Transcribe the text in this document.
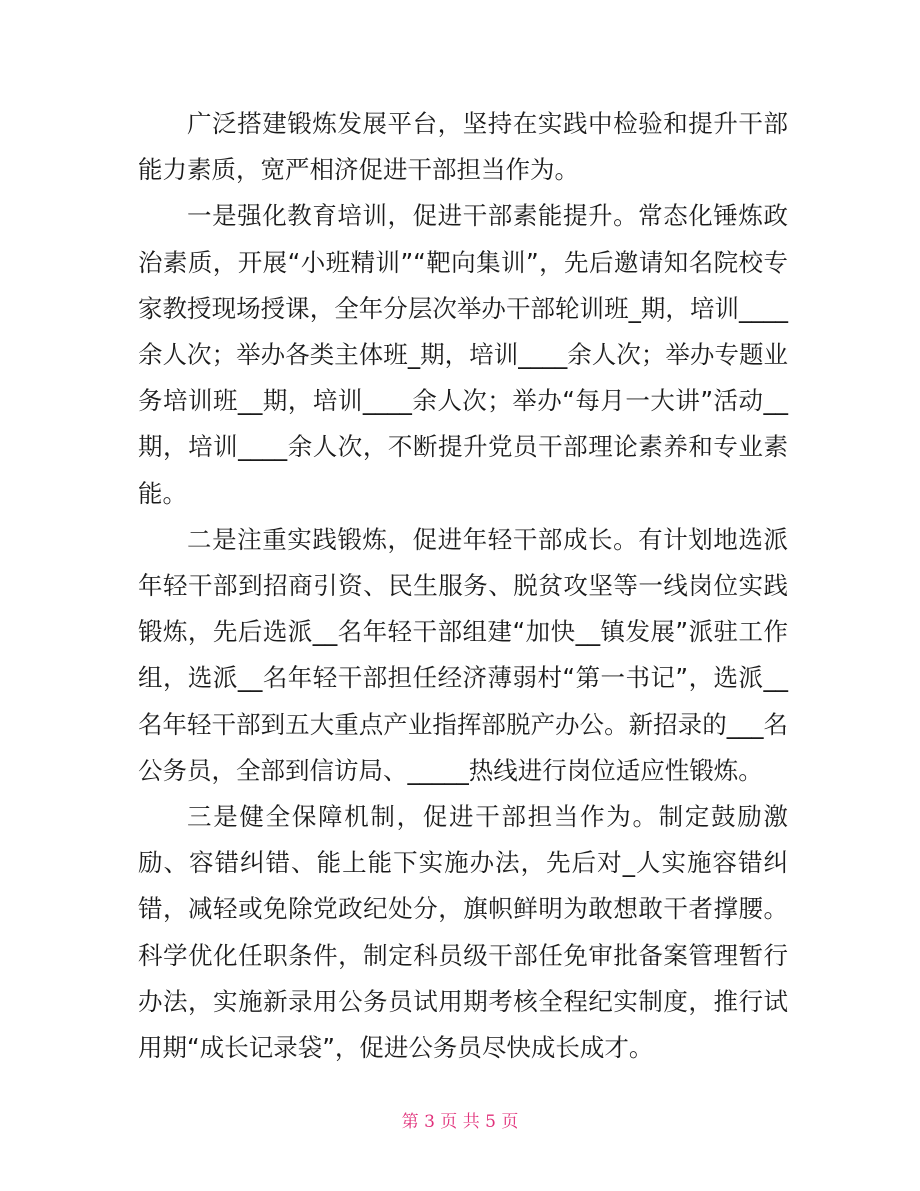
广泛搭建锻炼发展平台，坚持在实践中检验和提升干部能力素质，宽严相济促进干部担当作为。

一是强化教育培训，促进干部素能提升。常态化锤炼政治素质，开展“小班精训”“靶向集训”，先后邀请知名院校专家教授现场授课，全年分层次举办干部轮训班_期，培训____余人次；举办各类主体班_期，培训____余人次；举办专题业务培训班__期，培训____余人次；举办“每月一大讲”活动__期，培训____余人次，不断提升党员干部理论素养和专业素能。

二是注重实践锻炼，促进年轻干部成长。有计划地选派年轻干部到招商引资、民生服务、脱贫攻坚等一线岗位实践锻炼，先后选派__名年轻干部组建“加快__镇发展”派驻工作组，选派__名年轻干部担任经济薄弱村“第一书记”，选派__名年轻干部到五大重点产业指挥部脱产办公。新招录的___名公务员，全部到信访局、_____热线进行岗位适应性锻炼。

三是健全保障机制，促进干部担当作为。制定鼓励激励、容错纠错、能上能下实施办法，先后对_人实施容错纠错，减轻或免除党政纪处分，旗帜鲜明为敢想敢干者撑腰。科学优化任职条件，制定科员级干部任免审批备案管理暂行办法，实施新录用公务员试用期考核全程纪实制度，推行试用期“成长记录袋”，促进公务员尽快成长成才。

第 3 页 共 5 页
